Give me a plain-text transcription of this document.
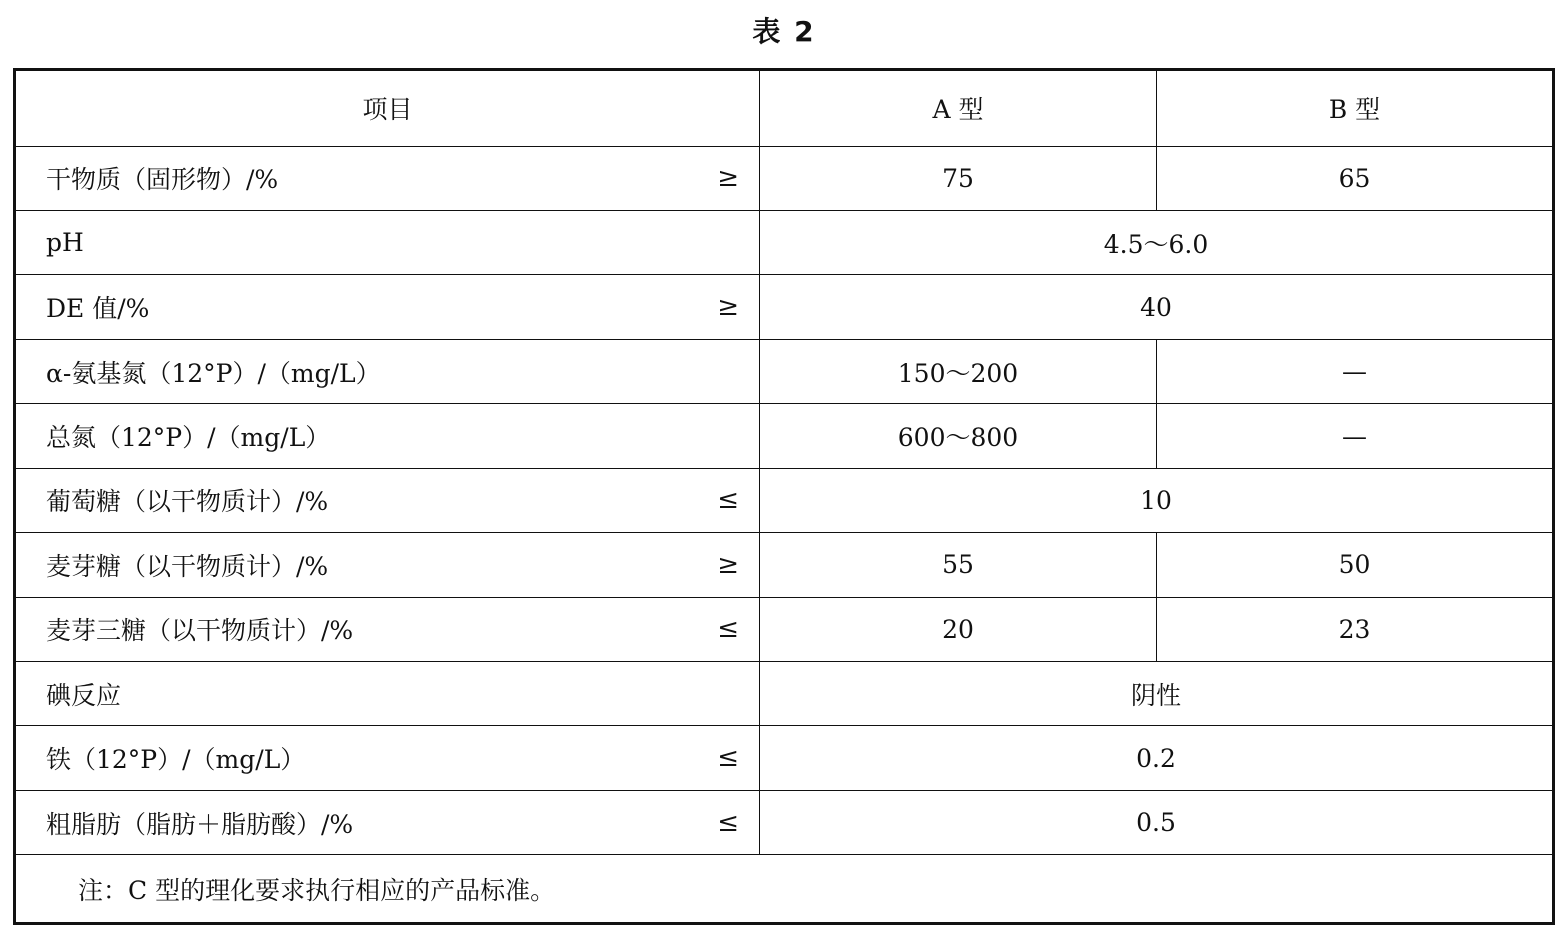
表 2
项目	A 型	B 型
干物质（固形物）/% ≥	75	65
pH	4.5～6.0	
DE 值/% ≥	40	
α-氨基氮（12°P）/（mg/L）	150～200	—
总氮（12°P）/（mg/L）	600～800	—
葡萄糖（以干物质计）/% ≤	10	
麦芽糖（以干物质计）/% ≥	55	50
麦芽三糖（以干物质计）/% ≤	20	23
碘反应	阴性	
铁（12°P）/（mg/L） ≤	0.2	
粗脂肪（脂肪＋脂肪酸）/% ≤	0.5	
注：C 型的理化要求执行相应的产品标准。		
